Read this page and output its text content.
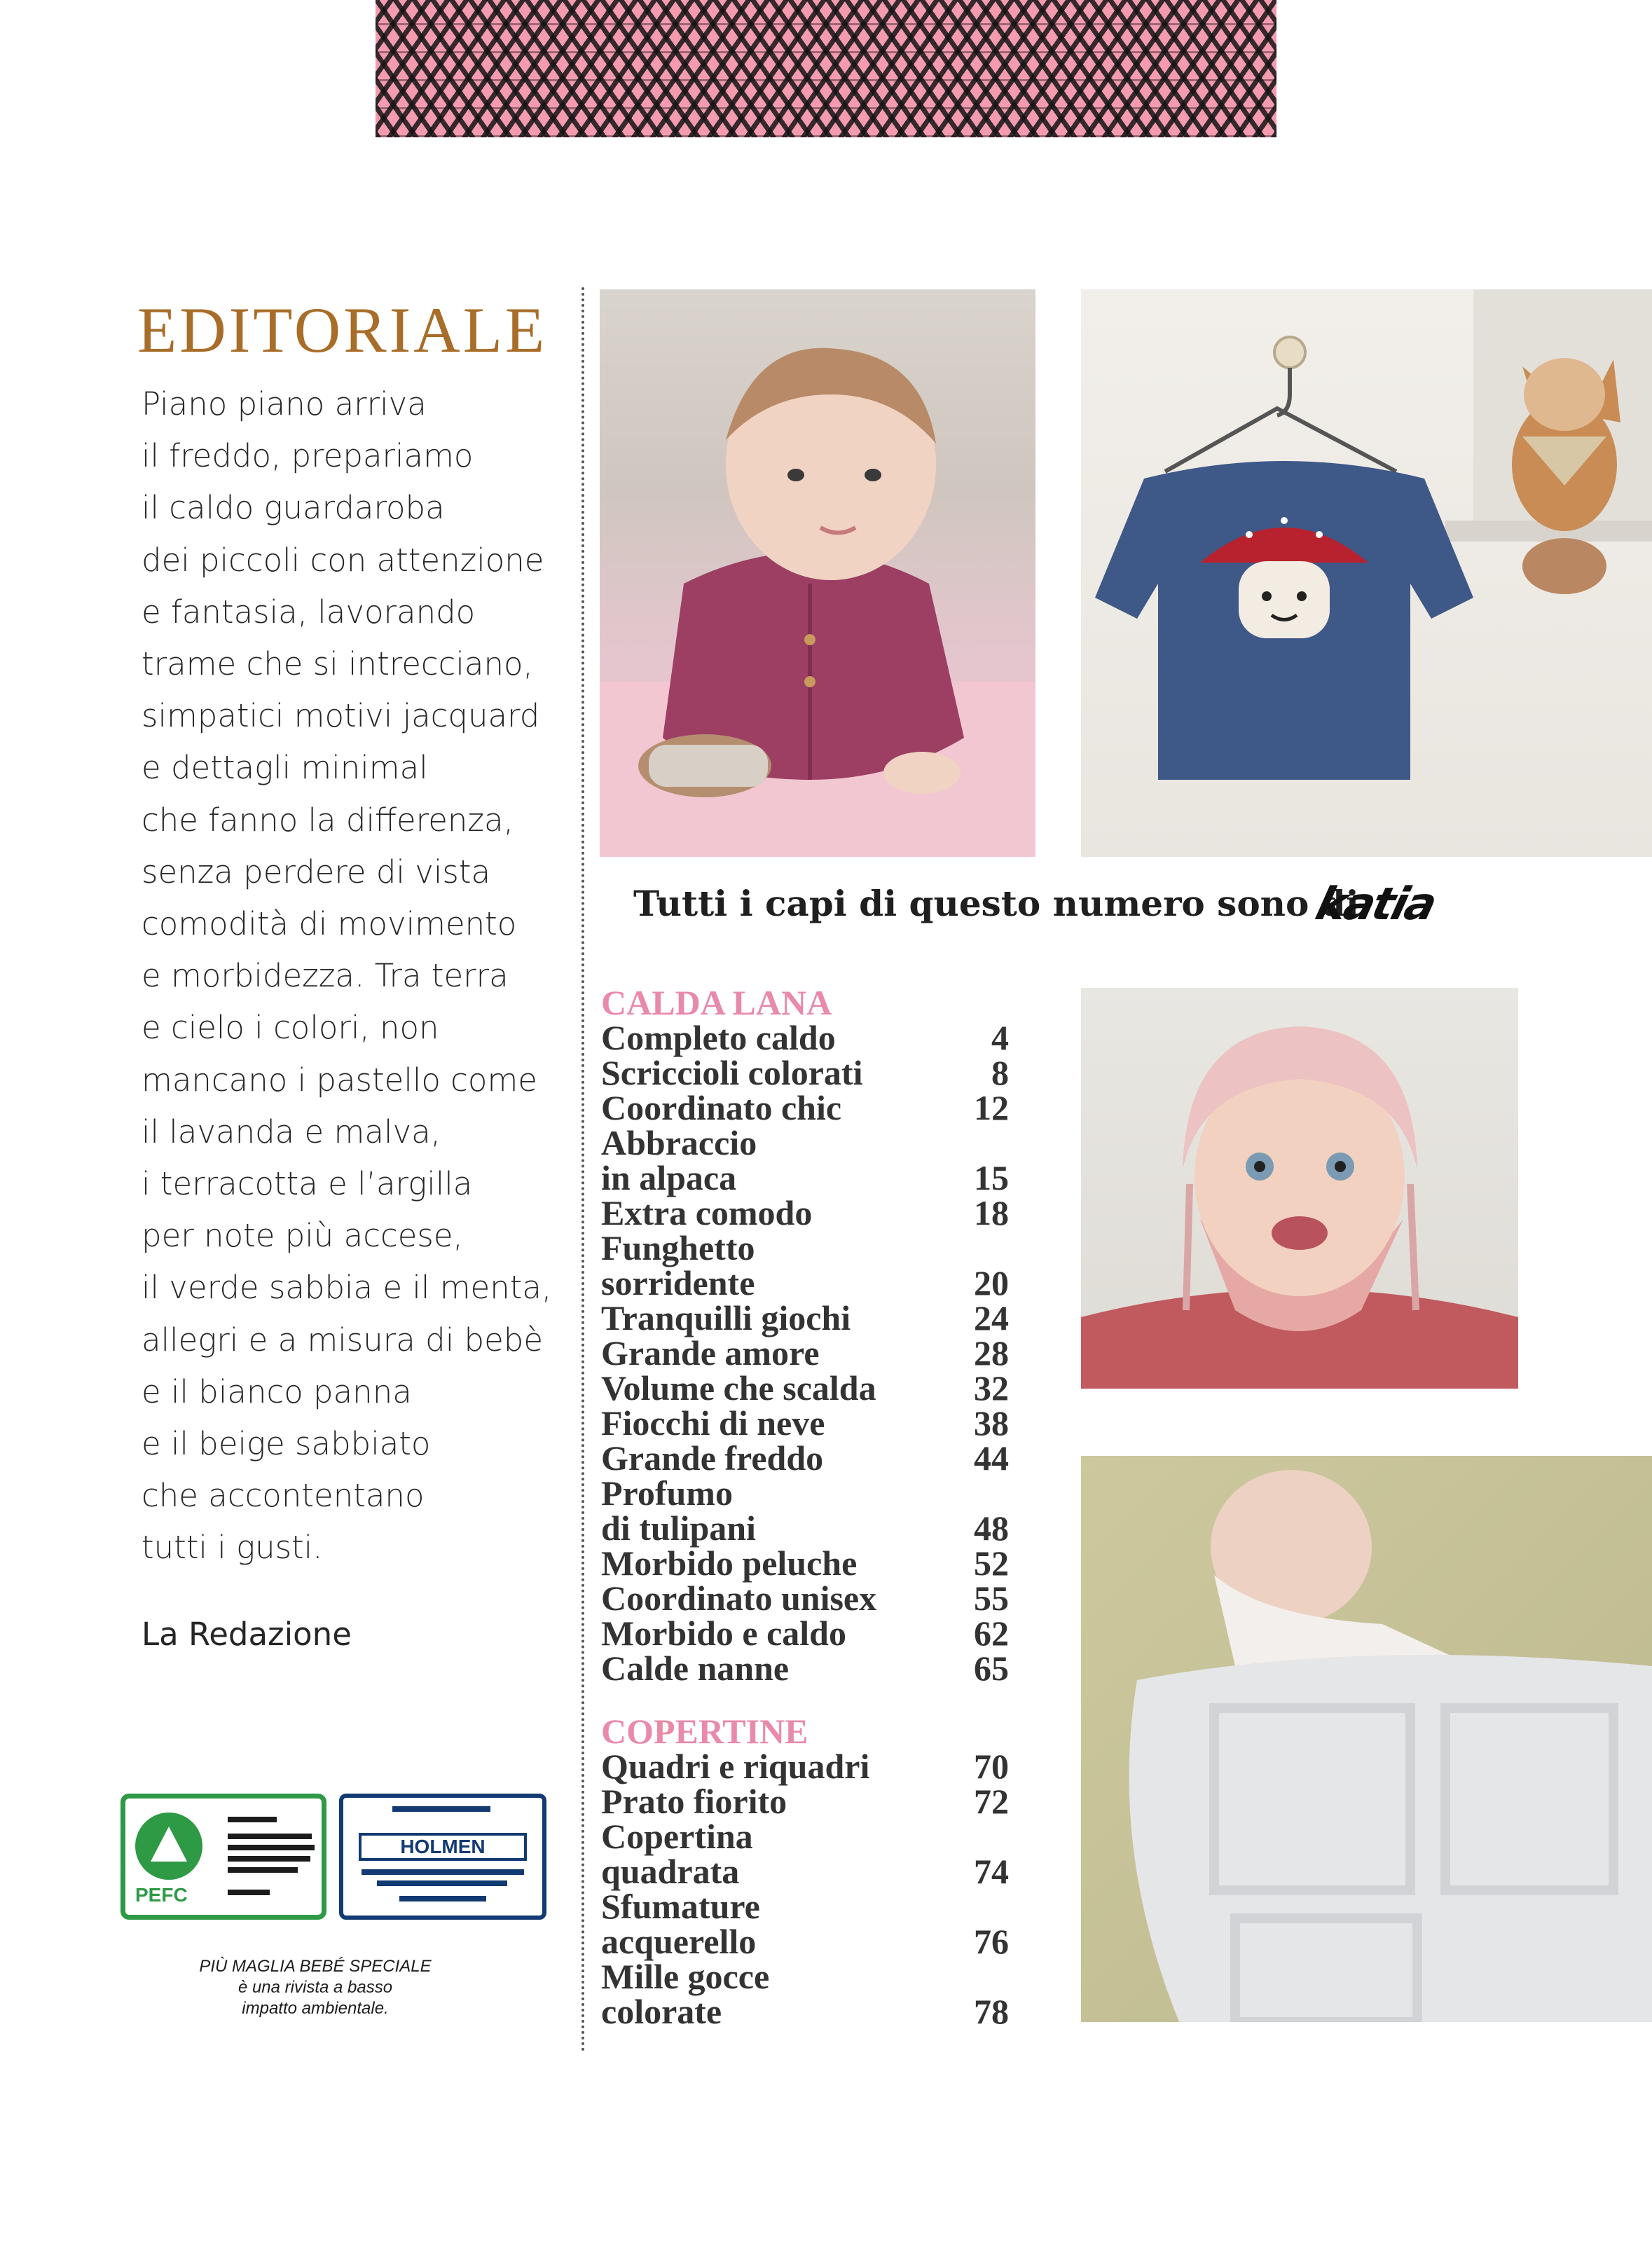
EDITORIALE
Piano piano arriva
il freddo, prepariamo
il caldo guardaroba
dei piccoli con attenzione
e fantasia, lavorando
trame che si intrecciano,
simpatici motivi jacquard
e dettagli minimal
che fanno la differenza,
senza perdere di vista
comodità di movimento
e morbidezza. Tra terra
e cielo i colori, non
mancano i pastello come
il lavanda e malva,
i terracotta e l’argilla
per note più accese,
il verde sabbia e il menta,
allegri e a misura di bebè
e il bianco panna
e il beige sabbiato
che accontentano
tutti i gusti.
La Redazione
PEFC
HOLMEN
PIÙ MAGLIA BEBÉ SPECIALE
è una rivista a basso
impatto ambientale.
Tutti i capi di questo numero sono di
katia
CALDA LANA
Completo caldo	4
Scriccioli colorati	8
Coordinato chic	12
Abbraccio
in alpaca	15
Extra comodo	18
Funghetto
sorridente	20
Tranquilli giochi	24
Grande amore	28
Volume che scalda	32
Fiocchi di neve	38
Grande freddo	44
Profumo
di tulipani	48
Morbido peluche	52
Coordinato unisex	55
Morbido e caldo	62
Calde nanne	65
COPERTINE
Quadri e riquadri	70
Prato fiorito	72
Copertina
quadrata	74
Sfumature
acquerello	76
Mille gocce
colorate	78
